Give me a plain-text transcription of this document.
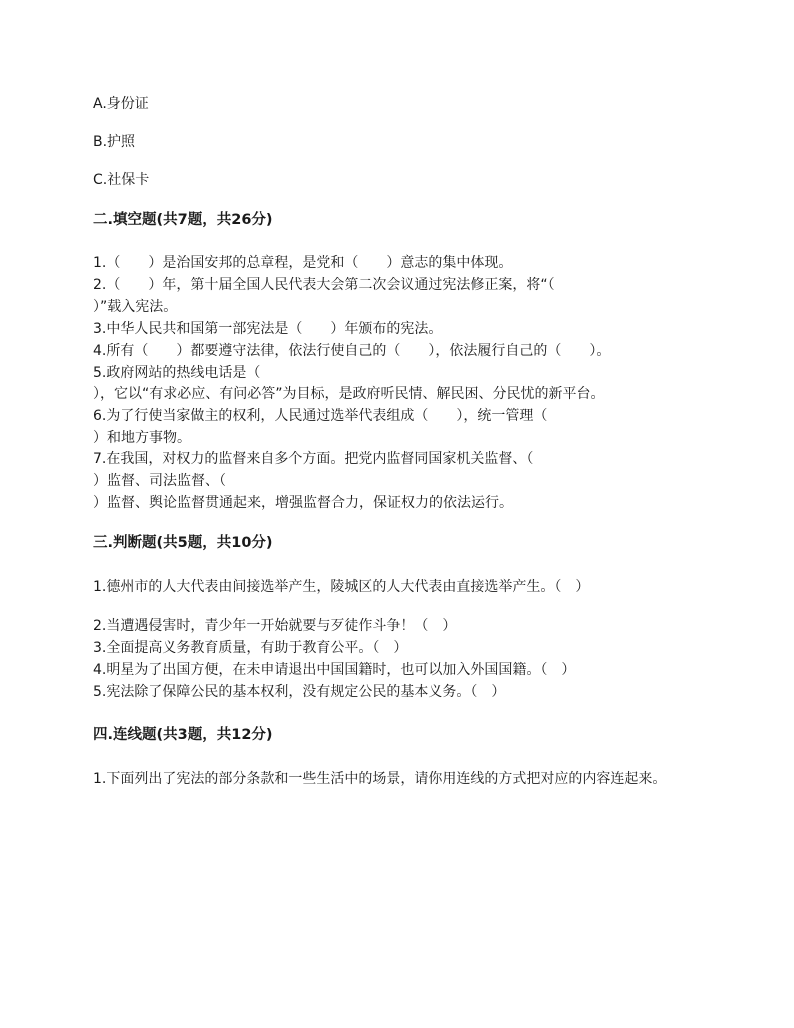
A.身份证
B.护照
C.社保卡
二.填空题(共7题，共26分)
1.（　　）是治国安邦的总章程，是党和（　　）意志的集中体现。
2.（　　）年，第十届全国人民代表大会第二次会议通过宪法修正案，将“（
）”载入宪法。
3.中华人民共和国第一部宪法是（　　）年颁布的宪法。
4.所有（　　）都要遵守法律，依法行使自己的（　　），依法履行自己的（　　）。
5.政府网站的热线电话是（
），它以“有求必应、有问必答”为目标，是政府听民情、解民困、分民忧的新平台。
6.为了行使当家做主的权利，人民通过选举代表组成（　　），统一管理（
）和地方事物。
7.在我国，对权力的监督来自多个方面。把党内监督同国家机关监督、（
）监督、司法监督、（
）监督、舆论监督贯通起来，增强监督合力，保证权力的依法运行。
三.判断题(共5题，共10分)
1.德州市的人大代表由间接选举产生，陵城区的人大代表由直接选举产生。（　）
2.当遭遇侵害时，青少年一开始就要与歹徒作斗争！（　）
3.全面提高义务教育质量，有助于教育公平。（　）
4.明星为了出国方便，在未申请退出中国国籍时，也可以加入外国国籍。（　）
5.宪法除了保障公民的基本权利，没有规定公民的基本义务。（　）
四.连线题(共3题，共12分)
1.下面列出了宪法的部分条款和一些生活中的场景，请你用连线的方式把对应的内容连起来。
